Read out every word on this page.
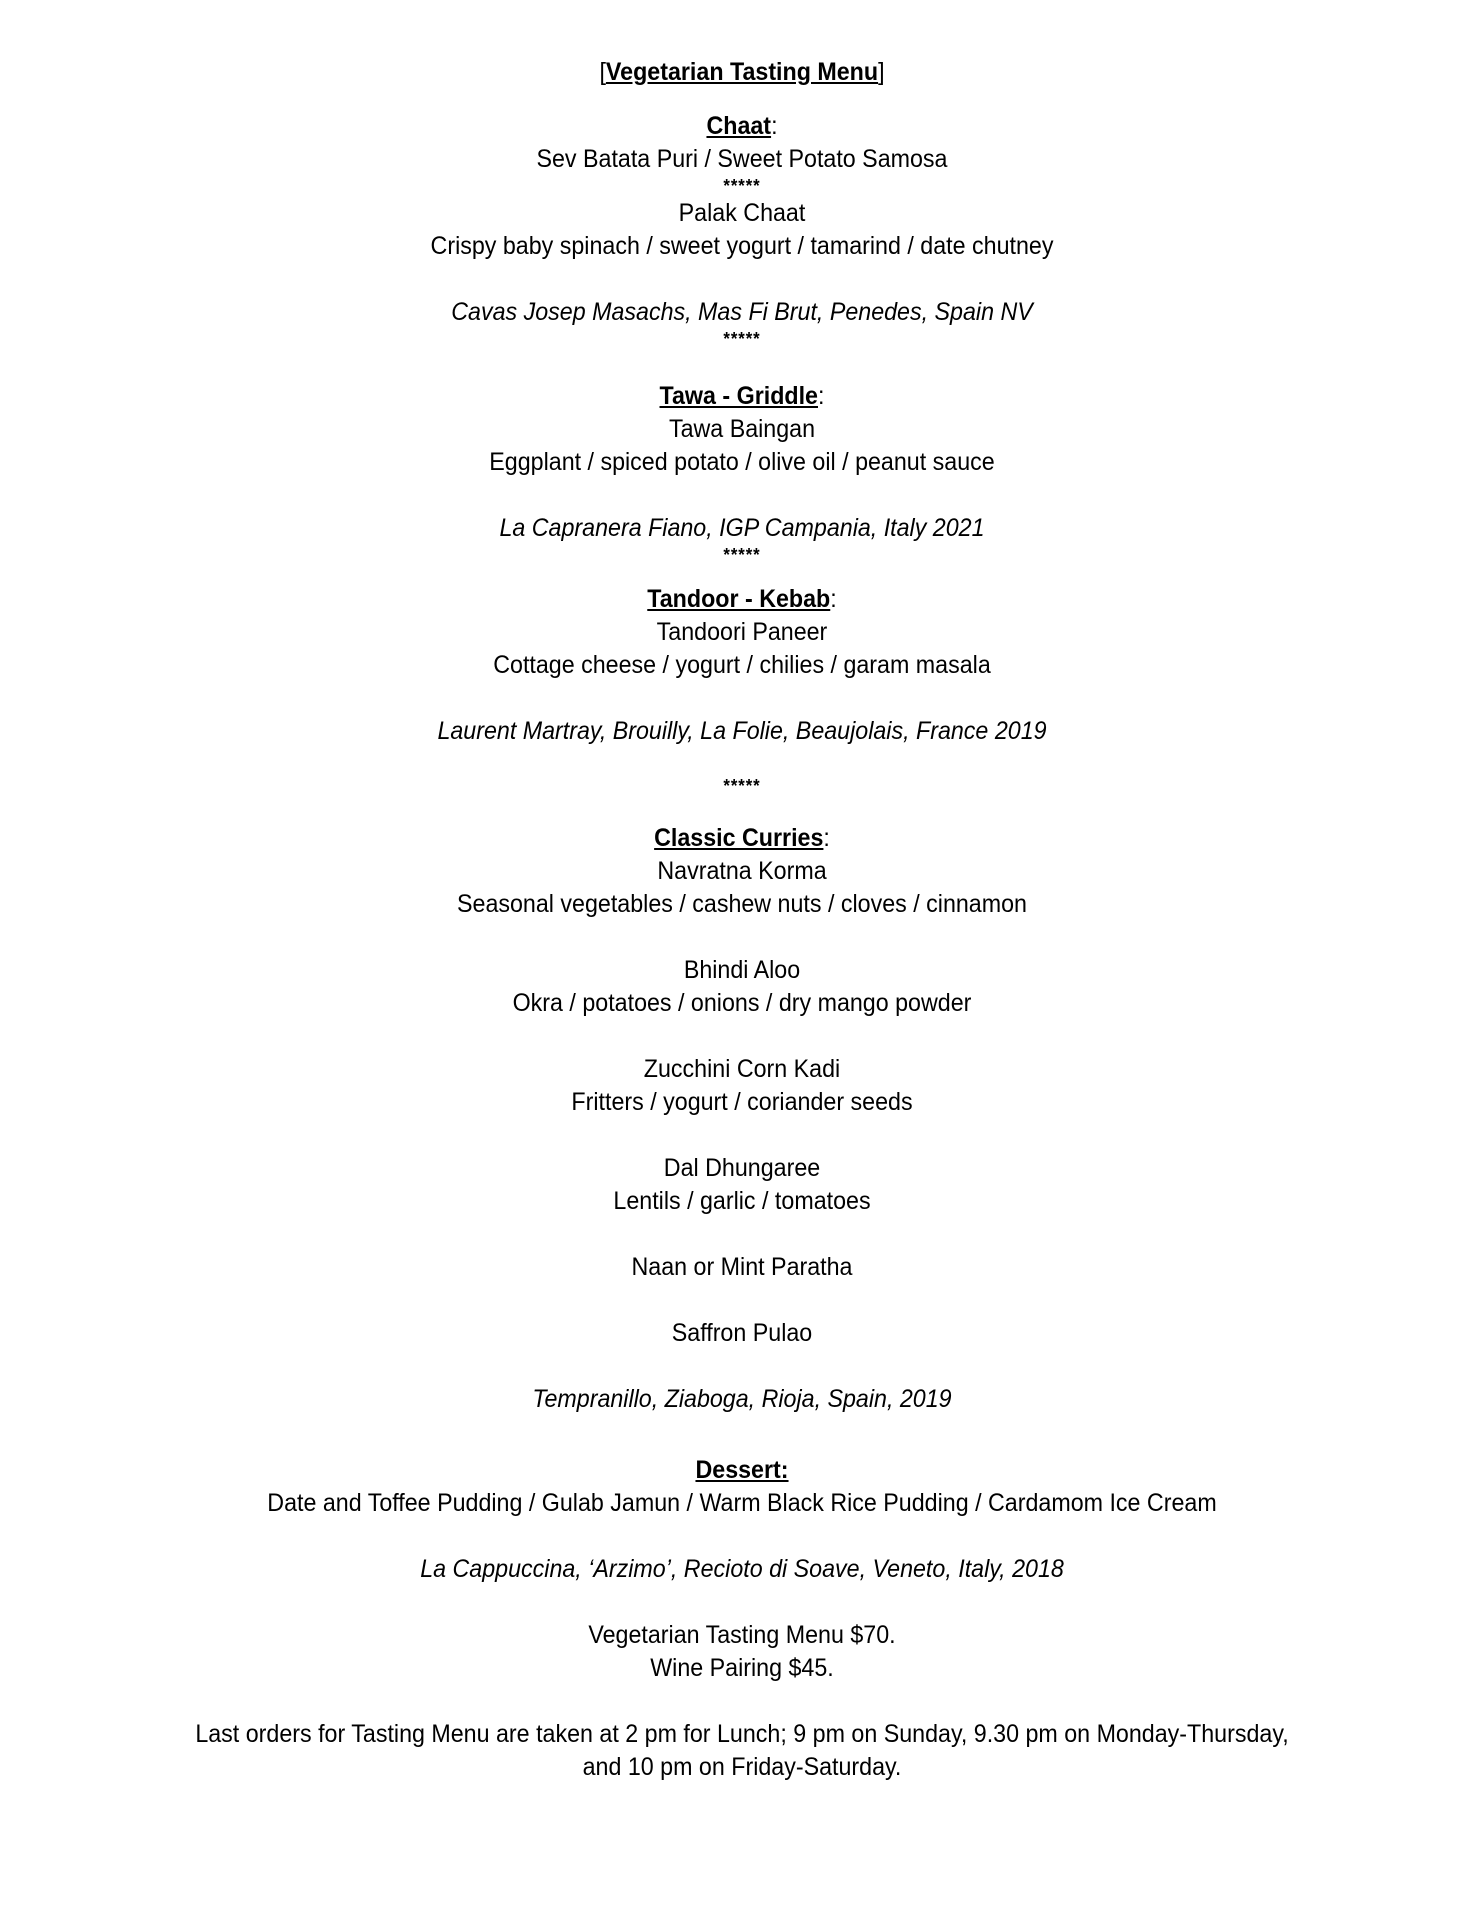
[Vegetarian Tasting Menu]
Chaat:
Sev Batata Puri / Sweet Potato Samosa
*****
Palak Chaat
Crispy baby spinach / sweet yogurt / tamarind / date chutney
Cavas Josep Masachs, Mas Fi Brut, Penedes, Spain NV
*****
Tawa - Griddle:
Tawa Baingan
Eggplant / spiced potato / olive oil / peanut sauce
La Capranera Fiano, IGP Campania, Italy 2021
*****
Tandoor - Kebab:
Tandoori Paneer
Cottage cheese / yogurt / chilies / garam masala
Laurent Martray, Brouilly, La Folie, Beaujolais, France 2019
*****
Classic Curries:
Navratna Korma
Seasonal vegetables / cashew nuts / cloves / cinnamon
Bhindi Aloo
Okra / potatoes / onions / dry mango powder
Zucchini Corn Kadi
Fritters / yogurt / coriander seeds
Dal Dhungaree
Lentils / garlic / tomatoes
Naan or Mint Paratha
Saffron Pulao
Tempranillo, Ziaboga, Rioja, Spain, 2019
Dessert:
Date and Toffee Pudding / Gulab Jamun / Warm Black Rice Pudding / Cardamom Ice Cream
La Cappuccina, ‘Arzimo’, Recioto di Soave, Veneto, Italy, 2018
Vegetarian Tasting Menu $70.
Wine Pairing $45.
Last orders for Tasting Menu are taken at 2 pm for Lunch; 9 pm on Sunday, 9.30 pm on Monday-Thursday,
and 10 pm on Friday-Saturday.
